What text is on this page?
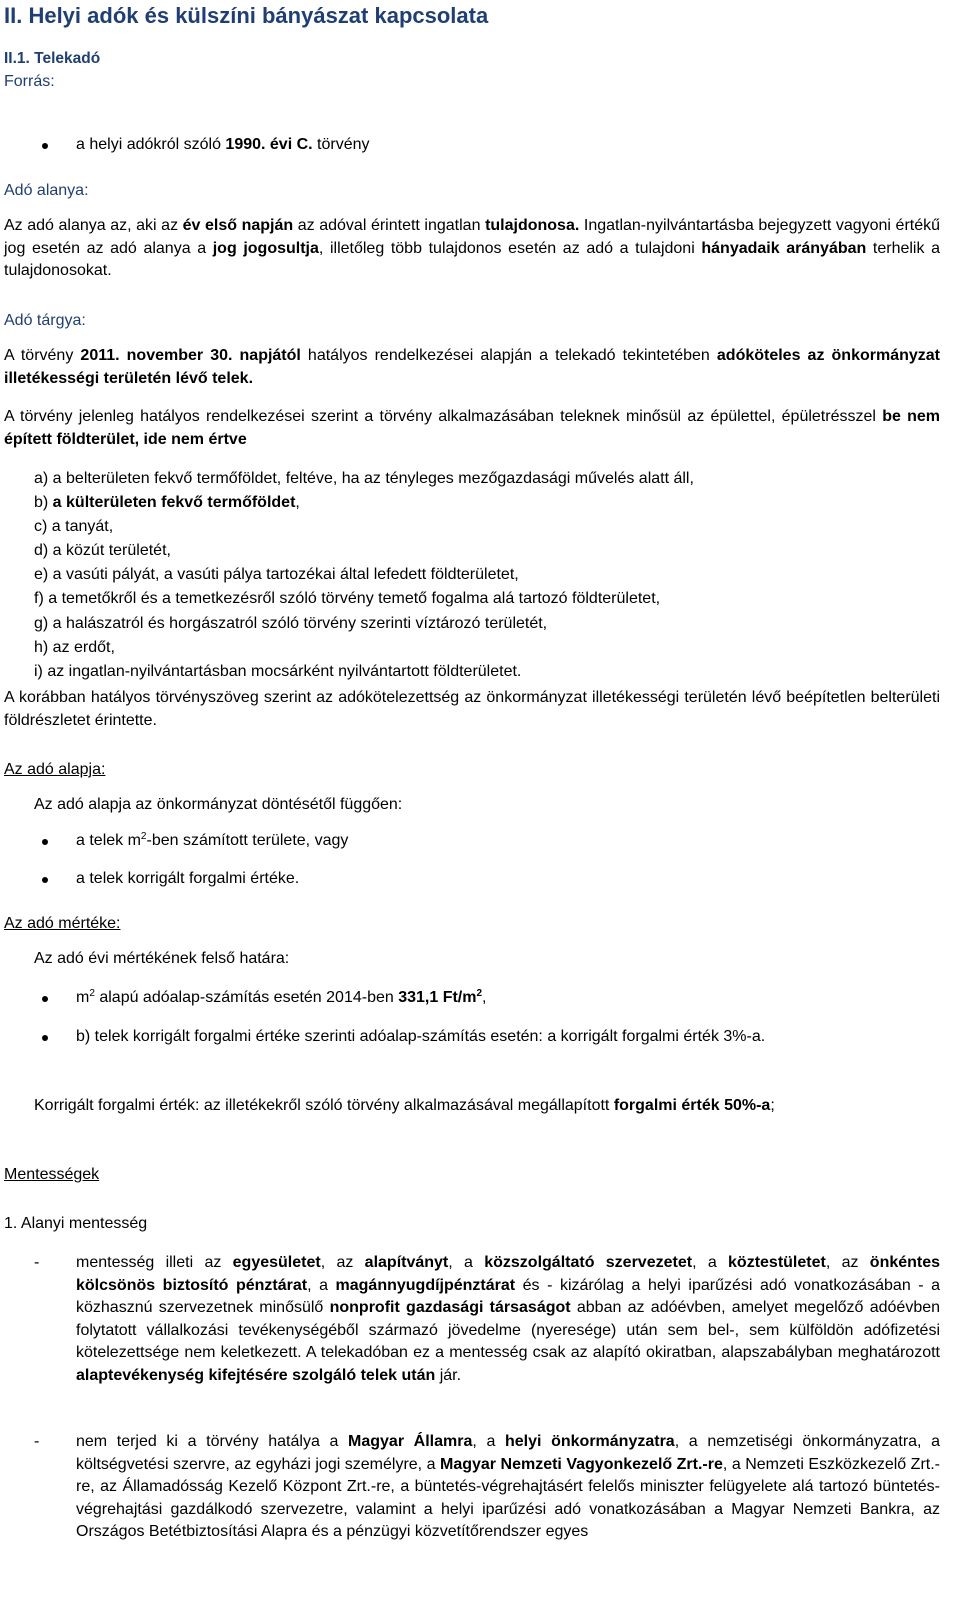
II. Helyi adók és külszíni bányászat kapcsolata
II.1. Telekadó
Forrás:
a helyi adókról szóló 1990. évi C. törvény
Adó alanya:

Az adó alanya az, aki az év első napján az adóval érintett ingatlan tulajdonosa. Ingatlan-nyilvántartásba bejegyzett vagyoni értékű jog esetén az adó alanya a jog jogosultja, illetőleg több tulajdonos esetén az adó a tulajdoni hányadaik arányában terhelik a tulajdonosokat.

Adó tárgya:

A törvény 2011. november 30. napjától hatályos rendelkezései alapján a telekadó tekintetében adóköteles az önkormányzat illetékességi területén lévő telek.

A törvény jelenleg hatályos rendelkezései szerint a törvény alkalmazásában teleknek minősül az épülettel, épületrésszel be nem épített földterület, ide nem értve

a) a belterületen fekvő termőföldet, feltéve, ha az tényleges mezőgazdasági művelés alatt áll,
b) a külterületen fekvő termőföldet,
c) a tanyát,
d) a közút területét,
e) a vasúti pályát, a vasúti pálya tartozékai által lefedett földterületet,
f) a temetőkről és a temetkezésről szóló törvény temető fogalma alá tartozó földterületet,
g) a halászatról és horgászatról szóló törvény szerinti víztározó területét,
h) az erdőt,
i) az ingatlan-nyilvántartásban mocsárként nyilvántartott földterületet.

A korábban hatályos törvényszöveg szerint az adókötelezettség az önkormányzat illetékességi területén lévő beépítetlen belterületi földrészletet érintette.

Az adó alapja:

Az adó alapja az önkormányzat döntésétől függően:

a telek $m^2$-ben számított területe, vagy
a telek korrigált forgalmi értéke.
Az adó mértéke:

Az adó évi mértékének felső határa:

$m^2$ alapú adóalap-számítás esetén 2014-ben 331,1 $Ft/m^2$,
b) telek korrigált forgalmi értéke szerinti adóalap-számítás esetén: a korrigált forgalmi érték 3%-a.

Korrigált forgalmi érték: az illetékekről szóló törvény alkalmazásával megállapított forgalmi érték 50%-a;

Mentességek
1. Alanyi mentesség
- mentesség illeti az egyesületet, az alapítványt, a közszolgáltató szervezetet, a köztestületet, az önkéntes kölcsönös biztosító pénztárat, a magánnyugdíjpénztárat és - kizárólag a helyi iparűzési adó vonatkozásában - a közhasznú szervezetnek minősülő nonprofit gazdasági társaságot abban az adóévben, amelyet megelőző adóévben folytatott vállalkozási tevékenységéből származó jövedelme (nyeresége) után sem bel-, sem külföldön adófizetési kötelezettsége nem keletkezett. A telekadóban ez a mentesség csak az alapító okiratban, alapszabályban meghatározott alaptevékenység kifejtésére szolgáló telek után jár.

- nem terjed ki a törvény hatálya a Magyar Államra, a helyi önkormányzatra, a nemzetiségi önkormányzatra, a költségvetési szervre, az egyházi jogi személyre, a Magyar Nemzeti Vagyonkezelő Zrt.-re, a Nemzeti Eszközkezelő Zrt.-re, az Államadósság Kezelő Központ Zrt.-re, a büntetés-végrehajtásért felelős miniszter felügyelete alá tartozó büntetés-végrehajtási gazdálkodó szervezetre, valamint a helyi iparűzési adó vonatkozásában a Magyar Nemzeti Bankra, az Országos Betétbiztosítási Alapra és a pénzügyi közvetítőrendszer egyes
